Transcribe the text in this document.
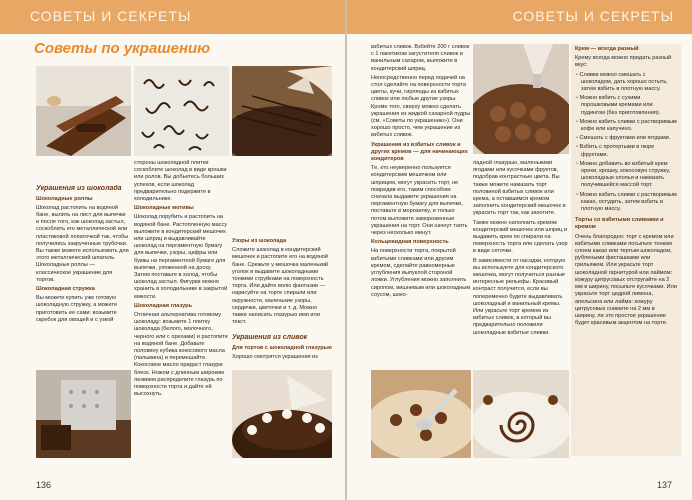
СОВЕТЫ И СЕКРЕТЫ
Советы по украшению

Украшения из шоколада

Шоколадные роллы

Шоколад растопить на водяной бане, вылить на лист для выпечки и после того, как шоколад застыл, соскоблить его металлической или пластиковой лопаточкой так, чтобы получились закрученные трубочки. Вы также можете использовать для этого металлический шпатель. Шоколадные роллы — классическое украшение для тортов.

Шоколадная стружка

Вы можете купить уже готовую шоколадную стружку, а можете приготовить ее сами: возьмите скребок для овощей и с узкой

стороны шоколадной плитки соскоблите шоколад в виде крошки или ролов. Вы добьетесь больших успехов, если шоколад предварительно подержите в холодильнике.

Шоколадные мотивы

Шоколад порубить и растопить на водяной бане. Растопленную массу выложите в кондитерский мешочек или шприц и выдавливайте шоколад на пергаментную бумагу для выпечки, узоры, цифры или буквы на пергаментной бумаге для выпечки, уложенной на доску. Затем поставьте в холод, чтобы шоколад застыл. Фигурки можно хранить в холодильнике в закрытой емкости.

Шоколадная глазурь

Отличная альтернатива готовому шоколаду: возьмите 1 плитку шоколада (белого, молочного, черного или с орехами) и растопите на водяной бане. Добавьте половину кубика кокосового масла (пальмина) и перемешайте. Кокосовое масло придаст глазури блеск. Ножом с длинным широким лезвием распределите глазурь по поверхности торта и дайте ей высохнуть.

Узоры из шоколада

Сложите шоколад в кондитерский мешочек и растопите его на водяной бане. Срежьте у мешочка маленький уголок и выдавите шоколадными тонкими струйками на поверхность торта. Или дайте волю фантазии — нарисуйте на торте спирали или окружности, маленькие узоры, сердечки, цветочки и т. д. Можно также написать глазурью имя или текст.

Украшения из сливок

Для тортов с шоколадной глазурью

Хорошо смотрятся украшения из

136
СОВЕТЫ И СЕКРЕТЫ

взбитых сливок. Взбейте 200 г сливок с 1 пакетиком загустителя сливок и ванильным сахаром, выложите в кондитерский шприц.

Непосредственно перед подачей на стол сделайте на поверхности торта цветы, кучи, гирлянды из взбитых сливок или любые другие узоры. Кроме того, сверху можно сделать украшения из жидкой сахарной пудры (см. «Советы по украшению»). Они хорошо просто, чем украшение из взбитых сливок.

Украшения из взбитых сливок и других кремов — для начинающих кондитеров

Те, кто неуверенно пользуется кондитерским мешочком или шприцем, могут украсить торт, не повредив его, таким способом: сначала выдавите украшения на пергаментную бумагу для выпечки, поставьте в морозилку, и только потом выложите замороженные украшения на торт. Они начнут таять через несколько минут.

Кольцевидная поверхность

На поверхности торта, покрытой взбитыми сливками или другим кремом, сделайте равномерные углубления выпуклой стороной ложки. Углубления можно заполнить сиропом, вишневым или шоколадным соусом, шоко-

ладной глазурью, маленькими ягодами или кусочками фруктов, подобрав контрастные цвета. Вы также можете намазать торт половиной взбитых сливок или крема, а оставшимся кремом заполнить кондитерский мешочек и украсить торт так, как захотите.

Также можно наполнить кремом кондитерский мешочек или шприц и выдавить крем по спирали на поверхность торта или сделать узор в виде сеточки.

В зависимости от насадки, которую вы используете для кондитерского мешочка, могут получиться разные интересные рельефы. Красивый контраст получится, если вы попеременно будете выдавливать шоколадный и ванильный кремы. Или украсьте торт кремом из взбитых сливок, в который вы предварительно положили шоколадные взбитые сливки.

Крем — всегда разный

Крему всегда можно придать разный вкус:

• Сливки можно смешать с шоколадом, дать хорошо остыть, затем взбить в плотную массу.

• Можно взбить с сухими порошковыми кремами или пудингом (без приготовления).

• Можно взбить сливки с растворимым кофе или капучино.

• Смешать с фруктами или ягодами.

• Взбить с протертыми в пюре фруктами.

• Можно добавить во взбитый крем орехи, крошку, кокосовую стружку, шоколадные хлопья и намазать получившейся массой торт.

• Можно взбить сливки с растворимым какао, остудить, затем взбить в плотную массу.

Торты со взбитыми сливками и кремом

Очень благородно: торт с кремом или взбитыми сливками посыпьте тонким слоем какао или тертым шоколадом, рублеными фисташками или грильяжем. Или украсьте торт шоколадной гарнитурой или лаймом: кожуру цитрусовых отстругайте на 2 мм в ширину, посыпьте кусочками. Или украсьте торт цедрой лимона, апельсина или лайма: кожуру цитрусовых снимите на 2 мм в ширину, ли это простое украшение будет красивым акцентом на торте.

137
